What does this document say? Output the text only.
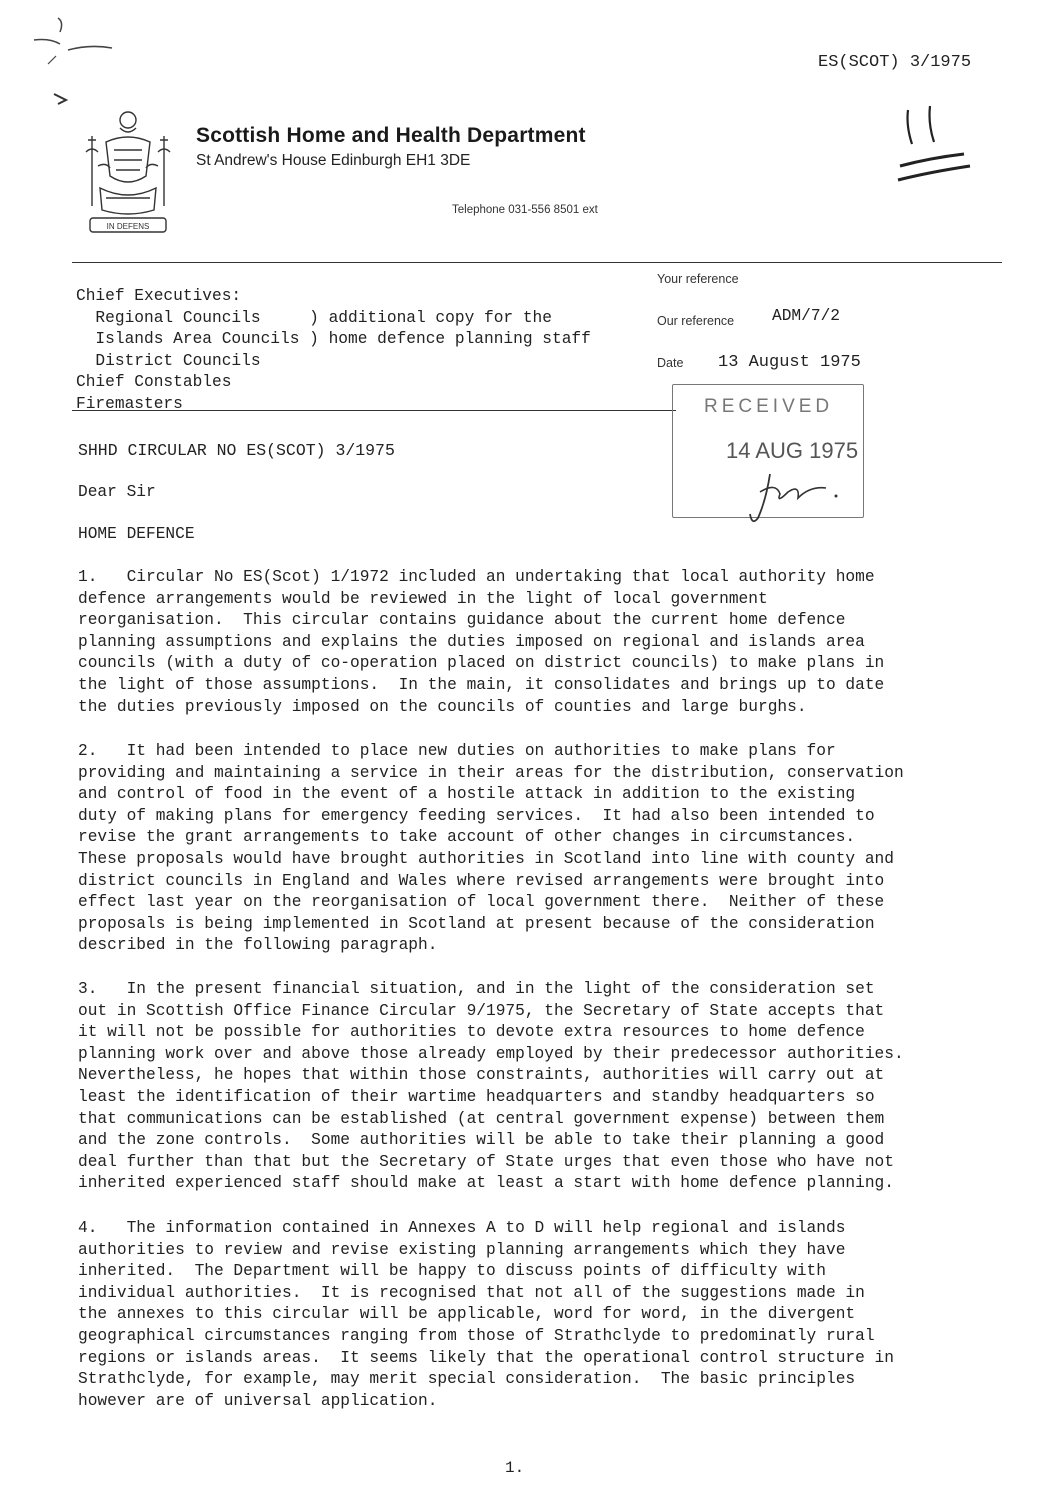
ES(SCOT) 3/1975
IN DEFENS
Scottish Home and Health Department
St Andrew's House Edinburgh EH1 3DE
Telephone 031-556 8501 ext
Chief Executives:
Regional Councils     ) additional copy for the
Islands Area Councils ) home defence planning staff
District Councils
Chief Constables
Firemasters
Your reference
Our reference ADM/7/2
Date 13 August 1975
RECEIVED
14 AUG 1975
SHHD CIRCULAR NO ES(SCOT) 3/1975
Dear Sir
HOME DEFENCE

1.   Circular No ES(Scot) 1/1972 included an undertaking that local authority home

defence arrangements would be reviewed in the light of local government

reorganisation.  This circular contains guidance about the current home defence

planning assumptions and explains the duties imposed on regional and islands area

councils (with a duty of co-operation placed on district councils) to make plans in

the light of those assumptions.  In the main, it consolidates and brings up to date

the duties previously imposed on the councils of counties and large burghs.

2.   It had been intended to place new duties on authorities to make plans for

providing and maintaining a service in their areas for the distribution, conservation

and control of food in the event of a hostile attack in addition to the existing

duty of making plans for emergency feeding services.  It had also been intended to

revise the grant arrangements to take account of other changes in circumstances.

These proposals would have brought authorities in Scotland into line with county and

district councils in England and Wales where revised arrangements were brought into

effect last year on the reorganisation of local government there.  Neither of these

proposals is being implemented in Scotland at present because of the consideration

described in the following paragraph.

3.   In the present financial situation, and in the light of the consideration set

out in Scottish Office Finance Circular 9/1975, the Secretary of State accepts that

it will not be possible for authorities to devote extra resources to home defence

planning work over and above those already employed by their predecessor authorities.

Nevertheless, he hopes that within those constraints, authorities will carry out at

least the identification of their wartime headquarters and standby headquarters so

that communications can be established (at central government expense) between them

and the zone controls.  Some authorities will be able to take their planning a good

deal further than that but the Secretary of State urges that even those who have not

inherited experienced staff should make at least a start with home defence planning.

4.   The information contained in Annexes A to D will help regional and islands

authorities to review and revise existing planning arrangements which they have

inherited.  The Department will be happy to discuss points of difficulty with

individual authorities.  It is recognised that not all of the suggestions made in

the annexes to this circular will be applicable, word for word, in the divergent

geographical circumstances ranging from those of Strathclyde to predominatly rural

regions or islands areas.  It seems likely that the operational control structure in

Strathclyde, for example, may merit special consideration.  The basic principles

however are of universal application.

1.
